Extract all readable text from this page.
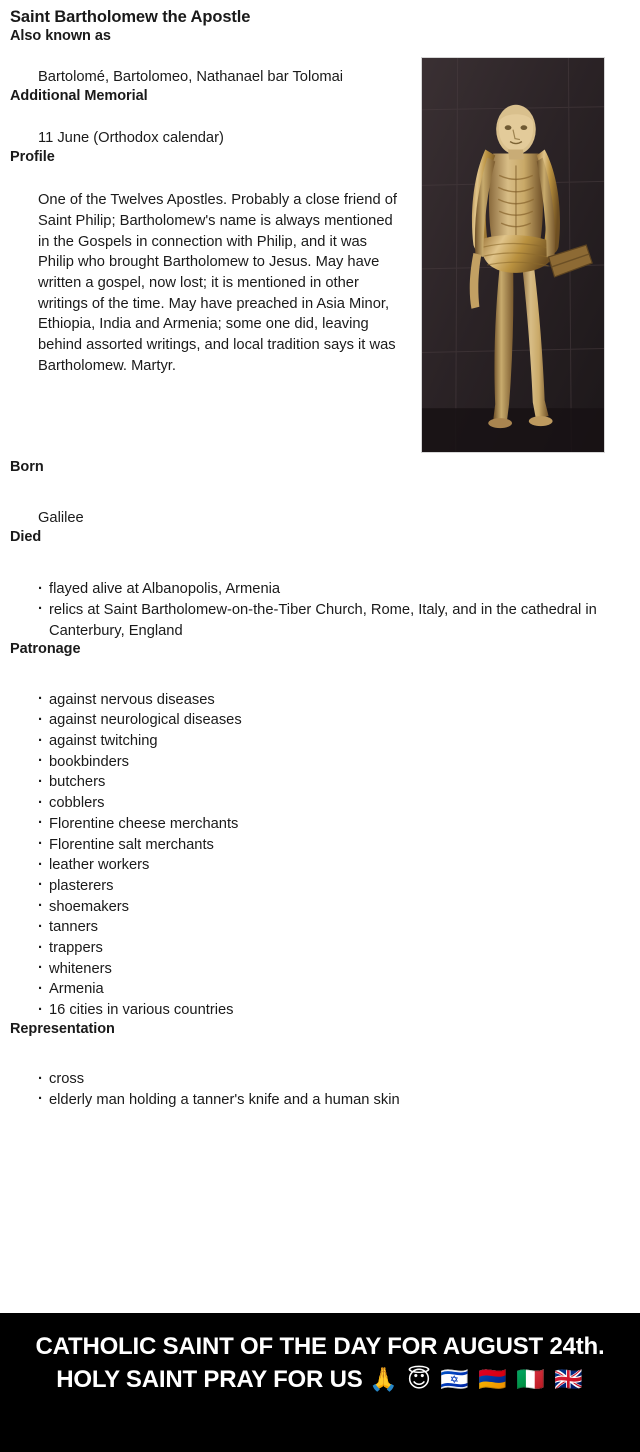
Saint Bartholomew the Apostle
Also known as
Bartolomé, Bartolomeo, Nathanael bar Tolomai
Additional Memorial
11 June (Orthodox calendar)
Profile
One of the Twelves Apostles. Probably a close friend of Saint Philip; Bartholomew's name is always mentioned in the Gospels in connection with Philip, and it was Philip who brought Bartholomew to Jesus. May have written a gospel, now lost; it is mentioned in other writings of the time. May have preached in Asia Minor, Ethiopia, India and Armenia; some one did, leaving behind assorted writings, and local tradition says it was Bartholomew. Martyr.
Born
Galilee
Died
· flayed alive at Albanopolis, Armenia
· relics at Saint Bartholomew-on-the-Tiber Church, Rome, Italy, and in the cathedral in Canterbury, England
Patronage
· against nervous diseases
· against neurological diseases
· against twitching
· bookbinders
· butchers
· cobblers
· Florentine cheese merchants
· Florentine salt merchants
· leather workers
· plasterers
· shoemakers
· tanners
· trappers
· whiteners
· Armenia
· 16 cities in various countries
Representation
· cross
· elderly man holding a tanner's knife and a human skin
CATHOLIC SAINT OF THE DAY FOR AUGUST 24th. HOLY SAINT PRAY FOR US 🙏 😇 🇮🇱 🇦🇲 🇮🇹 🇬🇧
